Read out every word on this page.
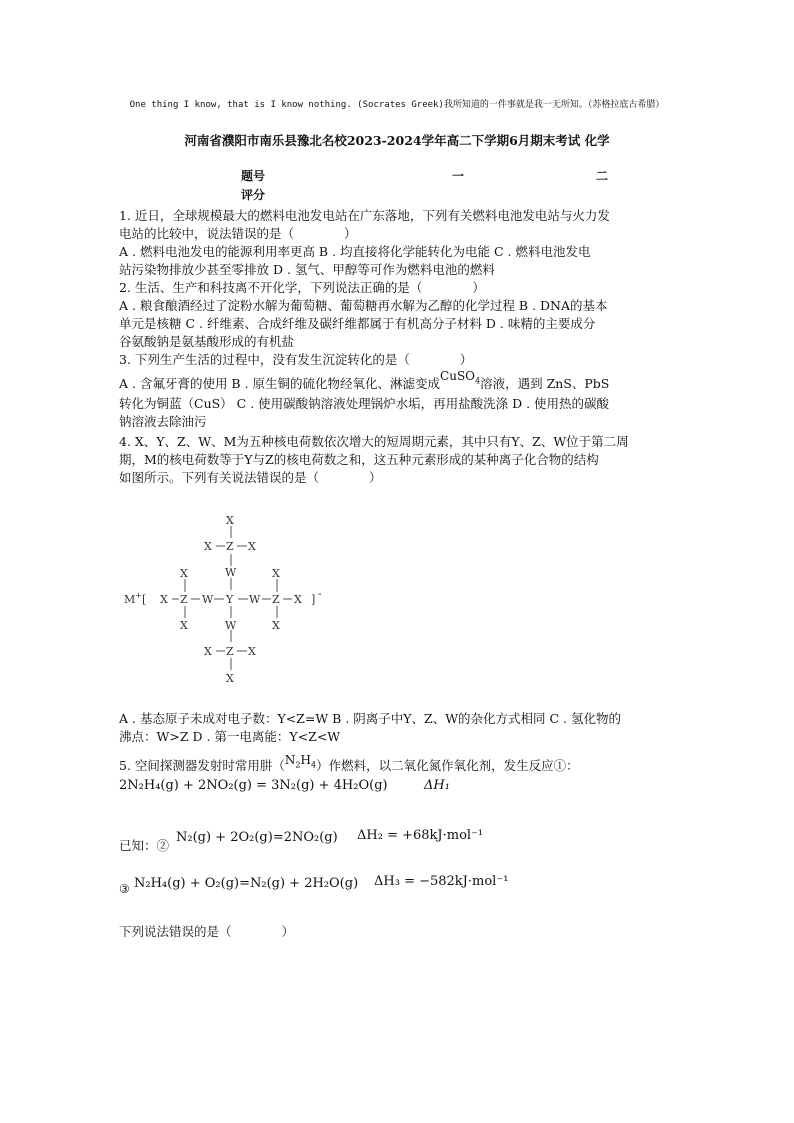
One thing I know, that is I know nothing. (Socrates Greek)我所知道的一件事就是我一无所知。（苏格拉底古希腊）
河南省濮阳市南乐县豫北名校2023-2024学年高二下学期6月期末考试 化学
题号	一	二
评分
1. 近日，全球规模最大的燃料电池发电站在广东落地，下列有关燃料电池发电站与火力发
电站的比较中，说法错误的是（　　　　）
A . 燃料电池发电的能源利用率更高 B . 均直接将化学能转化为电能 C . 燃料电池发电
站污染物排放少甚至零排放 D . 氢气、甲醇等可作为燃料电池的燃料
2. 生活、生产和科技离不开化学，下列说法正确的是（　　　　）
A . 粮食酿酒经过了淀粉水解为葡萄糖、葡萄糖再水解为乙醇的化学过程 B . DNA的基本
单元是核糖 C . 纤维素、合成纤维及碳纤维都属于有机高分子材料 D . 味精的主要成分
谷氨酸钠是氨基酸形成的有机盐
3. 下列生产生活的过程中，没有发生沉淀转化的是（　　　　）
A . 含氟牙膏的使用 B . 原生铜的硫化物经氧化、淋滤变成CuSO$_4$溶液，遇到 ZnS、PbS
转化为铜蓝（CuS） C . 使用碳酸钠溶液处理锅炉水垢，再用盐酸洗涤 D . 使用热的碳酸
钠溶液去除油污
4. X、Y、Z、W、M为五种核电荷数依次增大的短周期元素，其中只有Y、Z、W位于第二周
期，M的核电荷数等于Y与Z的核电荷数之和，这五种元素形成的某种离子化合物的结构
如图所示。下列有关说法错误的是（　　　　）
X
X Z X
W
X	X
M+ [ X Z W Y W Z X ] -
X	X
W
X Z X
X
A . 基态原子未成对电子数：Y<Z=W B . 阴离子中Y、Z、W的杂化方式相同 C . 氢化物的
沸点：W>Z D . 第一电离能：Y<Z<W
5. 空间探测器发射时常用肼$(N_2H_4)$作燃料，以二氧化氮作氧化剂，发生反应①：
2N₂H₄(g) + 2NO₂(g) = 3N₂(g) + 4H₂O(g)	ΔH₁
已知：②
N₂(g) + 2O₂(g)=2NO₂(g) ΔH₂ = +68kJ·mol⁻¹
③ N₂H₄(g) + O₂(g)=N₂(g) + 2H₂O(g) ΔH₃ = −582kJ·mol⁻¹
下列说法错误的是（　　　　）
